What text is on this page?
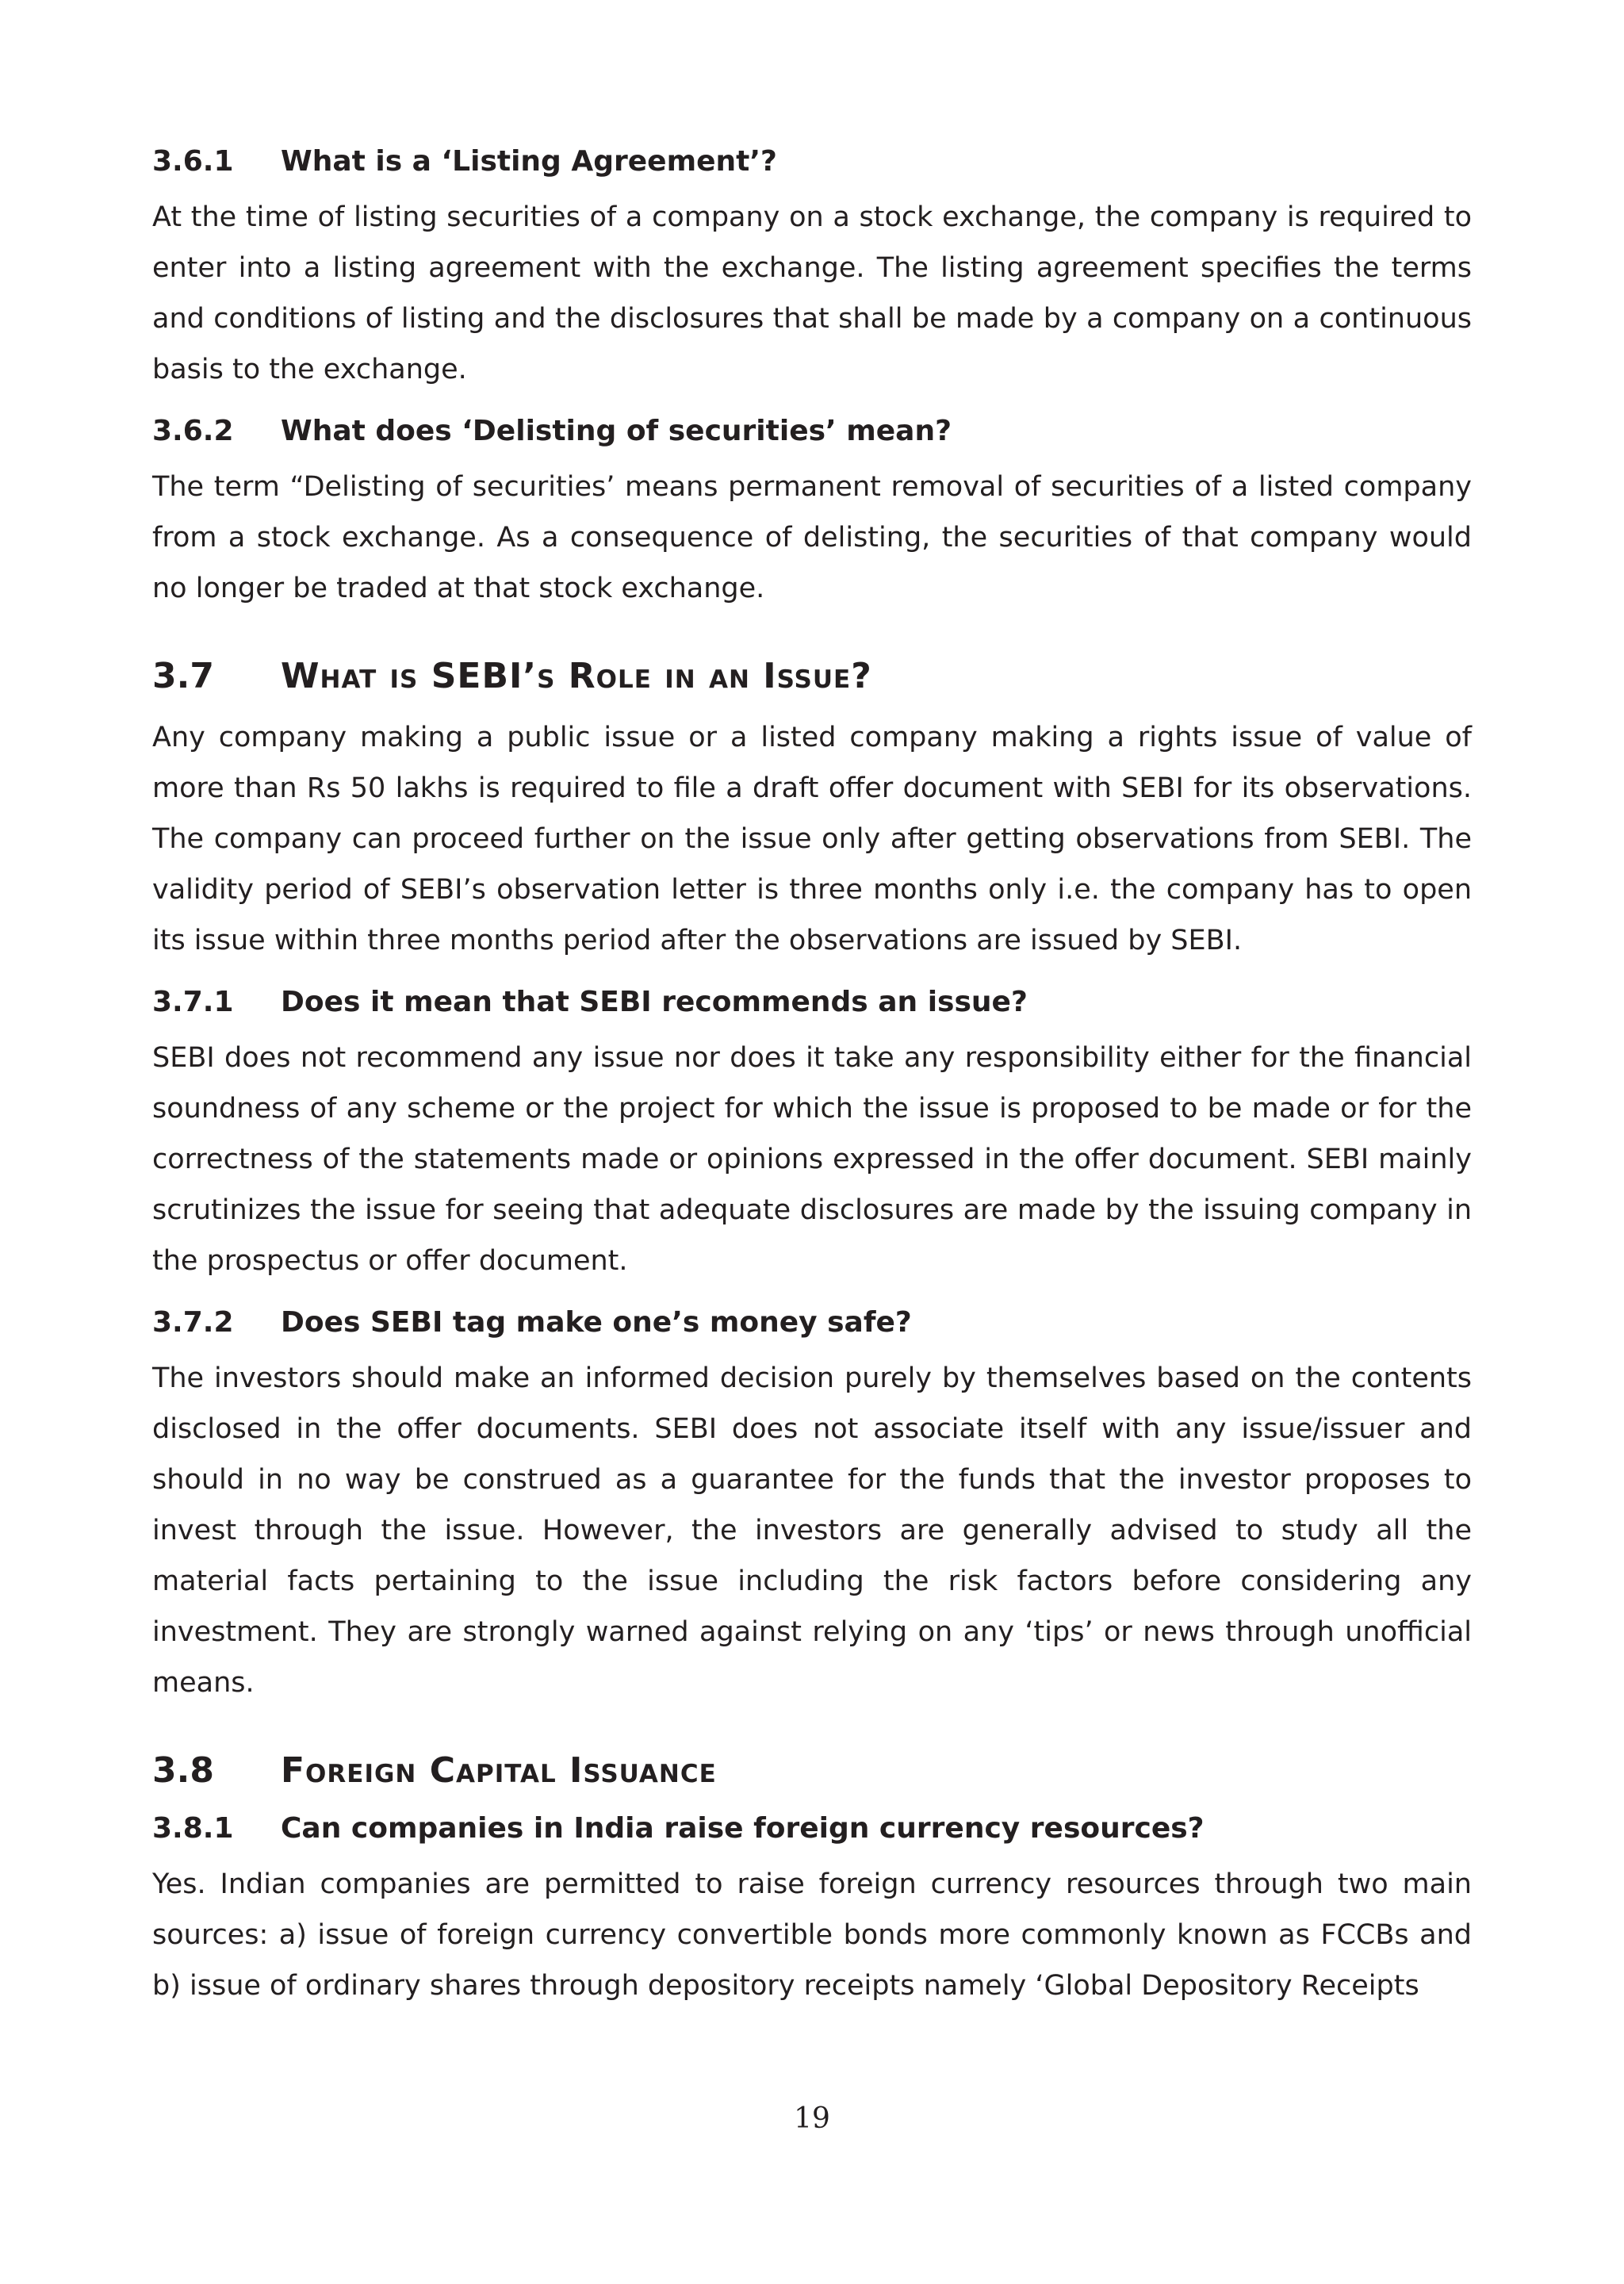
3.6.1	What is a ‘Listing Agreement’?

At the time of listing securities of a company on a stock exchange, the company is required to enter into a listing agreement with the exchange. The listing agreement specifies the terms and conditions of listing and the disclosures that shall be made by a company on a continuous basis to the exchange.

3.6.2	What does ‘Delisting of securities’ mean?

The term “Delisting of securities’ means permanent removal of securities of a listed company from a stock exchange. As a consequence of delisting, the securities of that company would no longer be traded at that stock exchange.

3.7	What is SEBI’s Role in an Issue?

Any company making a public issue or a listed company making a rights issue of value of more than Rs 50 lakhs is required to file a draft offer document with SEBI for its observations. The company can proceed further on the issue only after getting observations from SEBI. The validity period of SEBI’s observation letter is three months only i.e. the company has to open its issue within three months period after the observations are issued by SEBI.

3.7.1	Does it mean that SEBI recommends an issue?

SEBI does not recommend any issue nor does it take any responsibility either for the financial soundness of any scheme or the project for which the issue is proposed to be made or for the correctness of the statements made or opinions expressed in the offer document. SEBI mainly scrutinizes the issue for seeing that adequate disclosures are made by the issuing company in the prospectus or offer document.

3.7.2	Does SEBI tag make one’s money safe?

The investors should make an informed decision purely by themselves based on the contents disclosed in the offer documents. SEBI does not associate itself with any issue/issuer and should in no way be construed as a guarantee for the funds that the investor proposes to invest through the issue. However, the investors are generally advised to study all the material facts pertaining to the issue including the risk factors before considering any investment. They are strongly warned against relying on any ‘tips’ or news through unofficial means.

3.8	Foreign Capital Issuance
3.8.1	Can companies in India raise foreign currency resources?

Yes. Indian companies are permitted to raise foreign currency resources through two main sources: a) issue of foreign currency convertible bonds more commonly known as FCCBs and b) issue of ordinary shares through depository receipts namely ‘Global Depository Receipts

19
